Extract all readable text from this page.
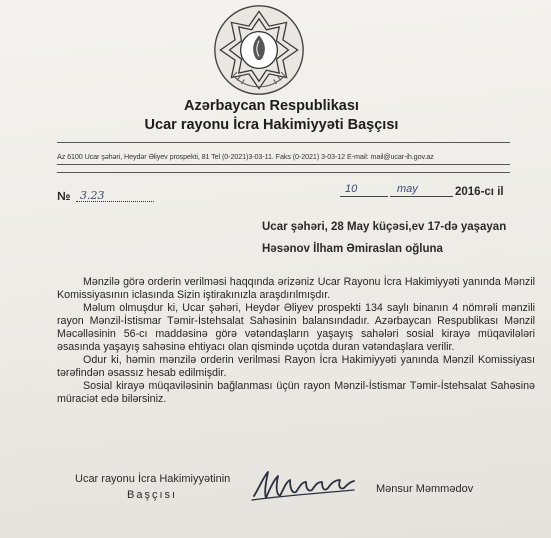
Azərbaycan Respublikası
Ucar rayonu İcra Hakimiyyəti Başçısı
Az 6100 Ucar şəhəri, Heydər Əliyev prospekti, 81 Tel (0-2021)3-03-11. Faks (0-2021) 3-03-12 E-mail: mail@ucar-ih.gov.az
№ 3.23	10	may	2016-cı il
Ucar şəhəri, 28 May küçəsi,ev 17-də yaşayan
Həsənov İlham Əmiraslan oğluna

Mənzilə görə orderin verilməsi haqqında ərizəniz Ucar Rayonu İcra Hakimiyyəti yanında Mənzil Komissiyasının iclasında Sizin iştirakınızla araşdırılmışdır.

Məlum olmuşdur ki, Ucar şəhəri, Heydər Əliyev prospekti 134 saylı binanın 4 nömrəli mənzili rayon Mənzil-İstismar Təmir-İstehsalat Sahəsinin balansındadır. Azərbaycan Respublikası Mənzil Məcəlləsinin 56-cı maddəsinə görə vətəndaşların yaşayış sahələri sosial kirayə müqavilələri əsasında yaşayış sahəsinə ehtiyacı olan qismində uçotda duran vətəndaşlara verilir.

Odur ki, həmin mənzilə orderin verilməsi Rayon İcra Hakimiyyəti yanında Mənzil Komissiyası tərəfindən əsassız hesab edilmişdir.

Sosial kirayə müqaviləsinin bağlanması üçün rayon Mənzil-İstismar Təmir-İstehsalat Sahəsinə müraciət edə bilərsiniz.

Ucar rayonu İcra Hakimiyyətinin
Başçısı	Mənsur Məmmədov
